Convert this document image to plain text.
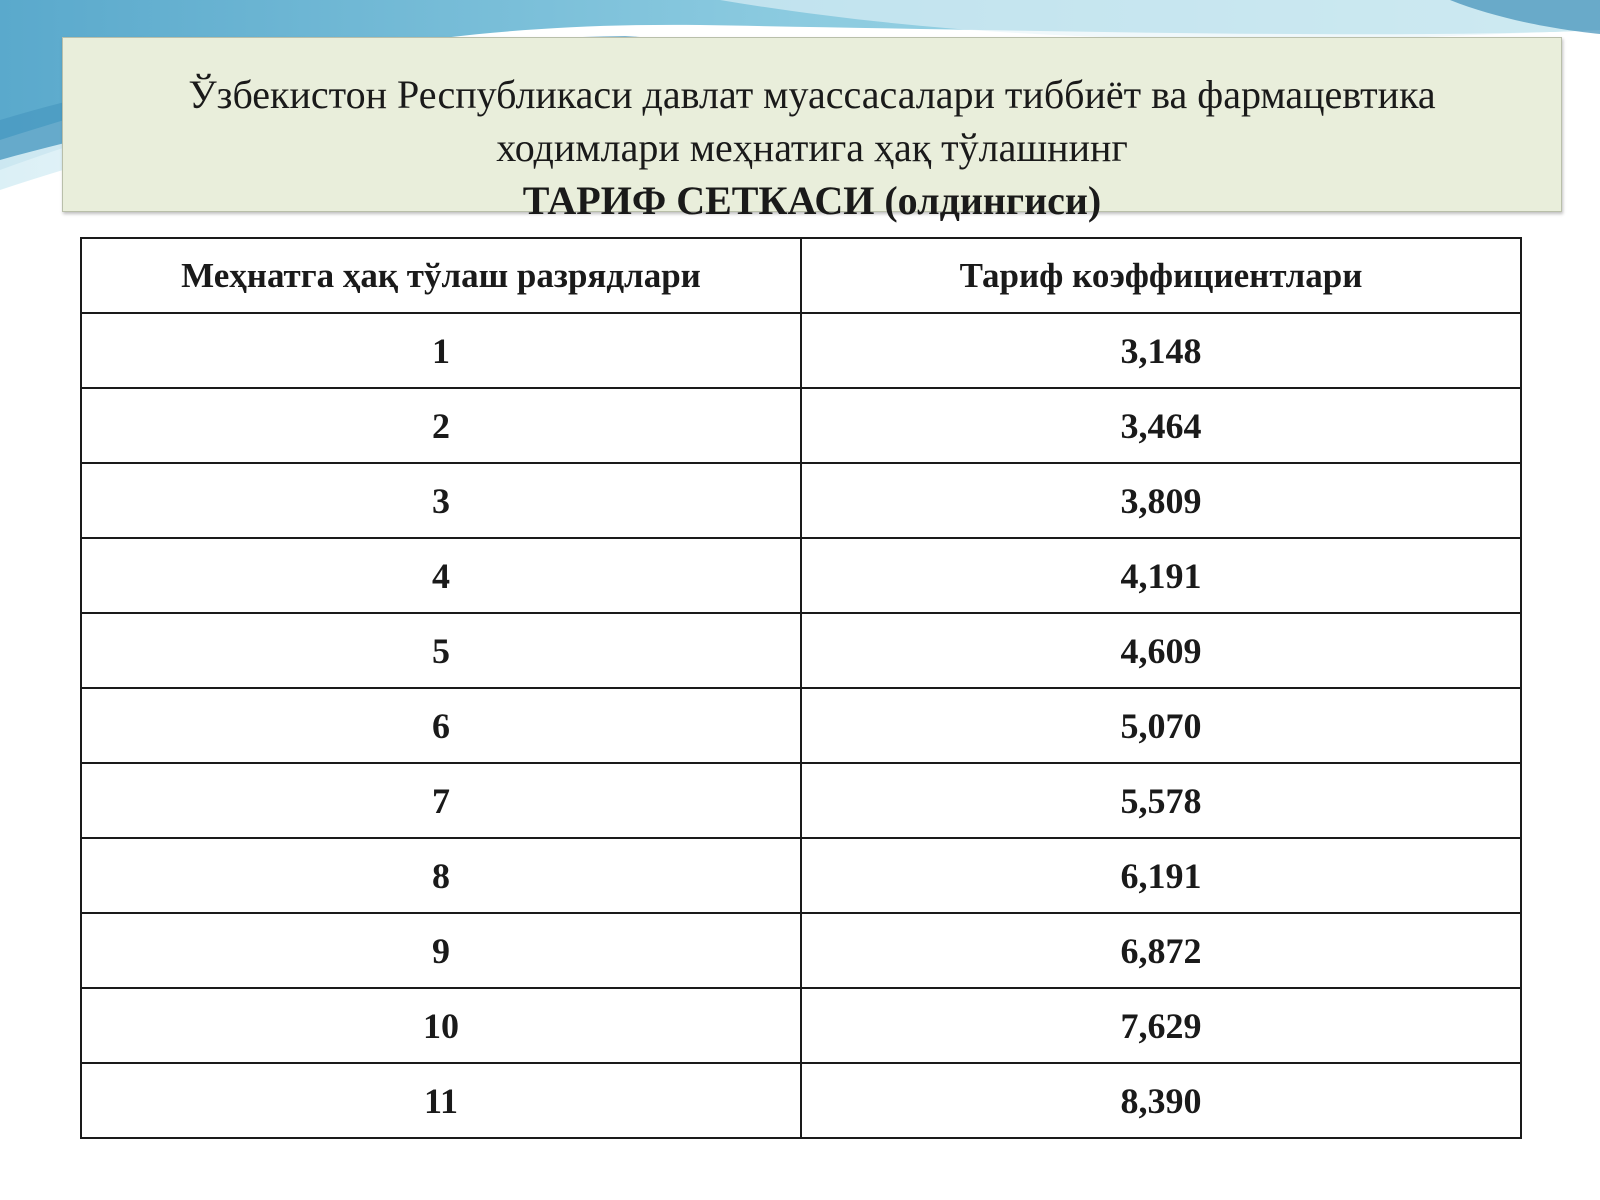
Ўзбекистон Республикаси давлат муассасалари тиббиёт ва фармацевтика
ходимлари меҳнатига ҳақ тўлашнинг
ТАРИФ СЕТКАСИ (олдингиси)
Меҳнатга ҳақ тўлаш разрядлари	Тариф коэффициентлари
1	3,148
2	3,464
3	3,809
4	4,191
5	4,609
6	5,070
7	5,578
8	6,191
9	6,872
10	7,629
11	8,390
